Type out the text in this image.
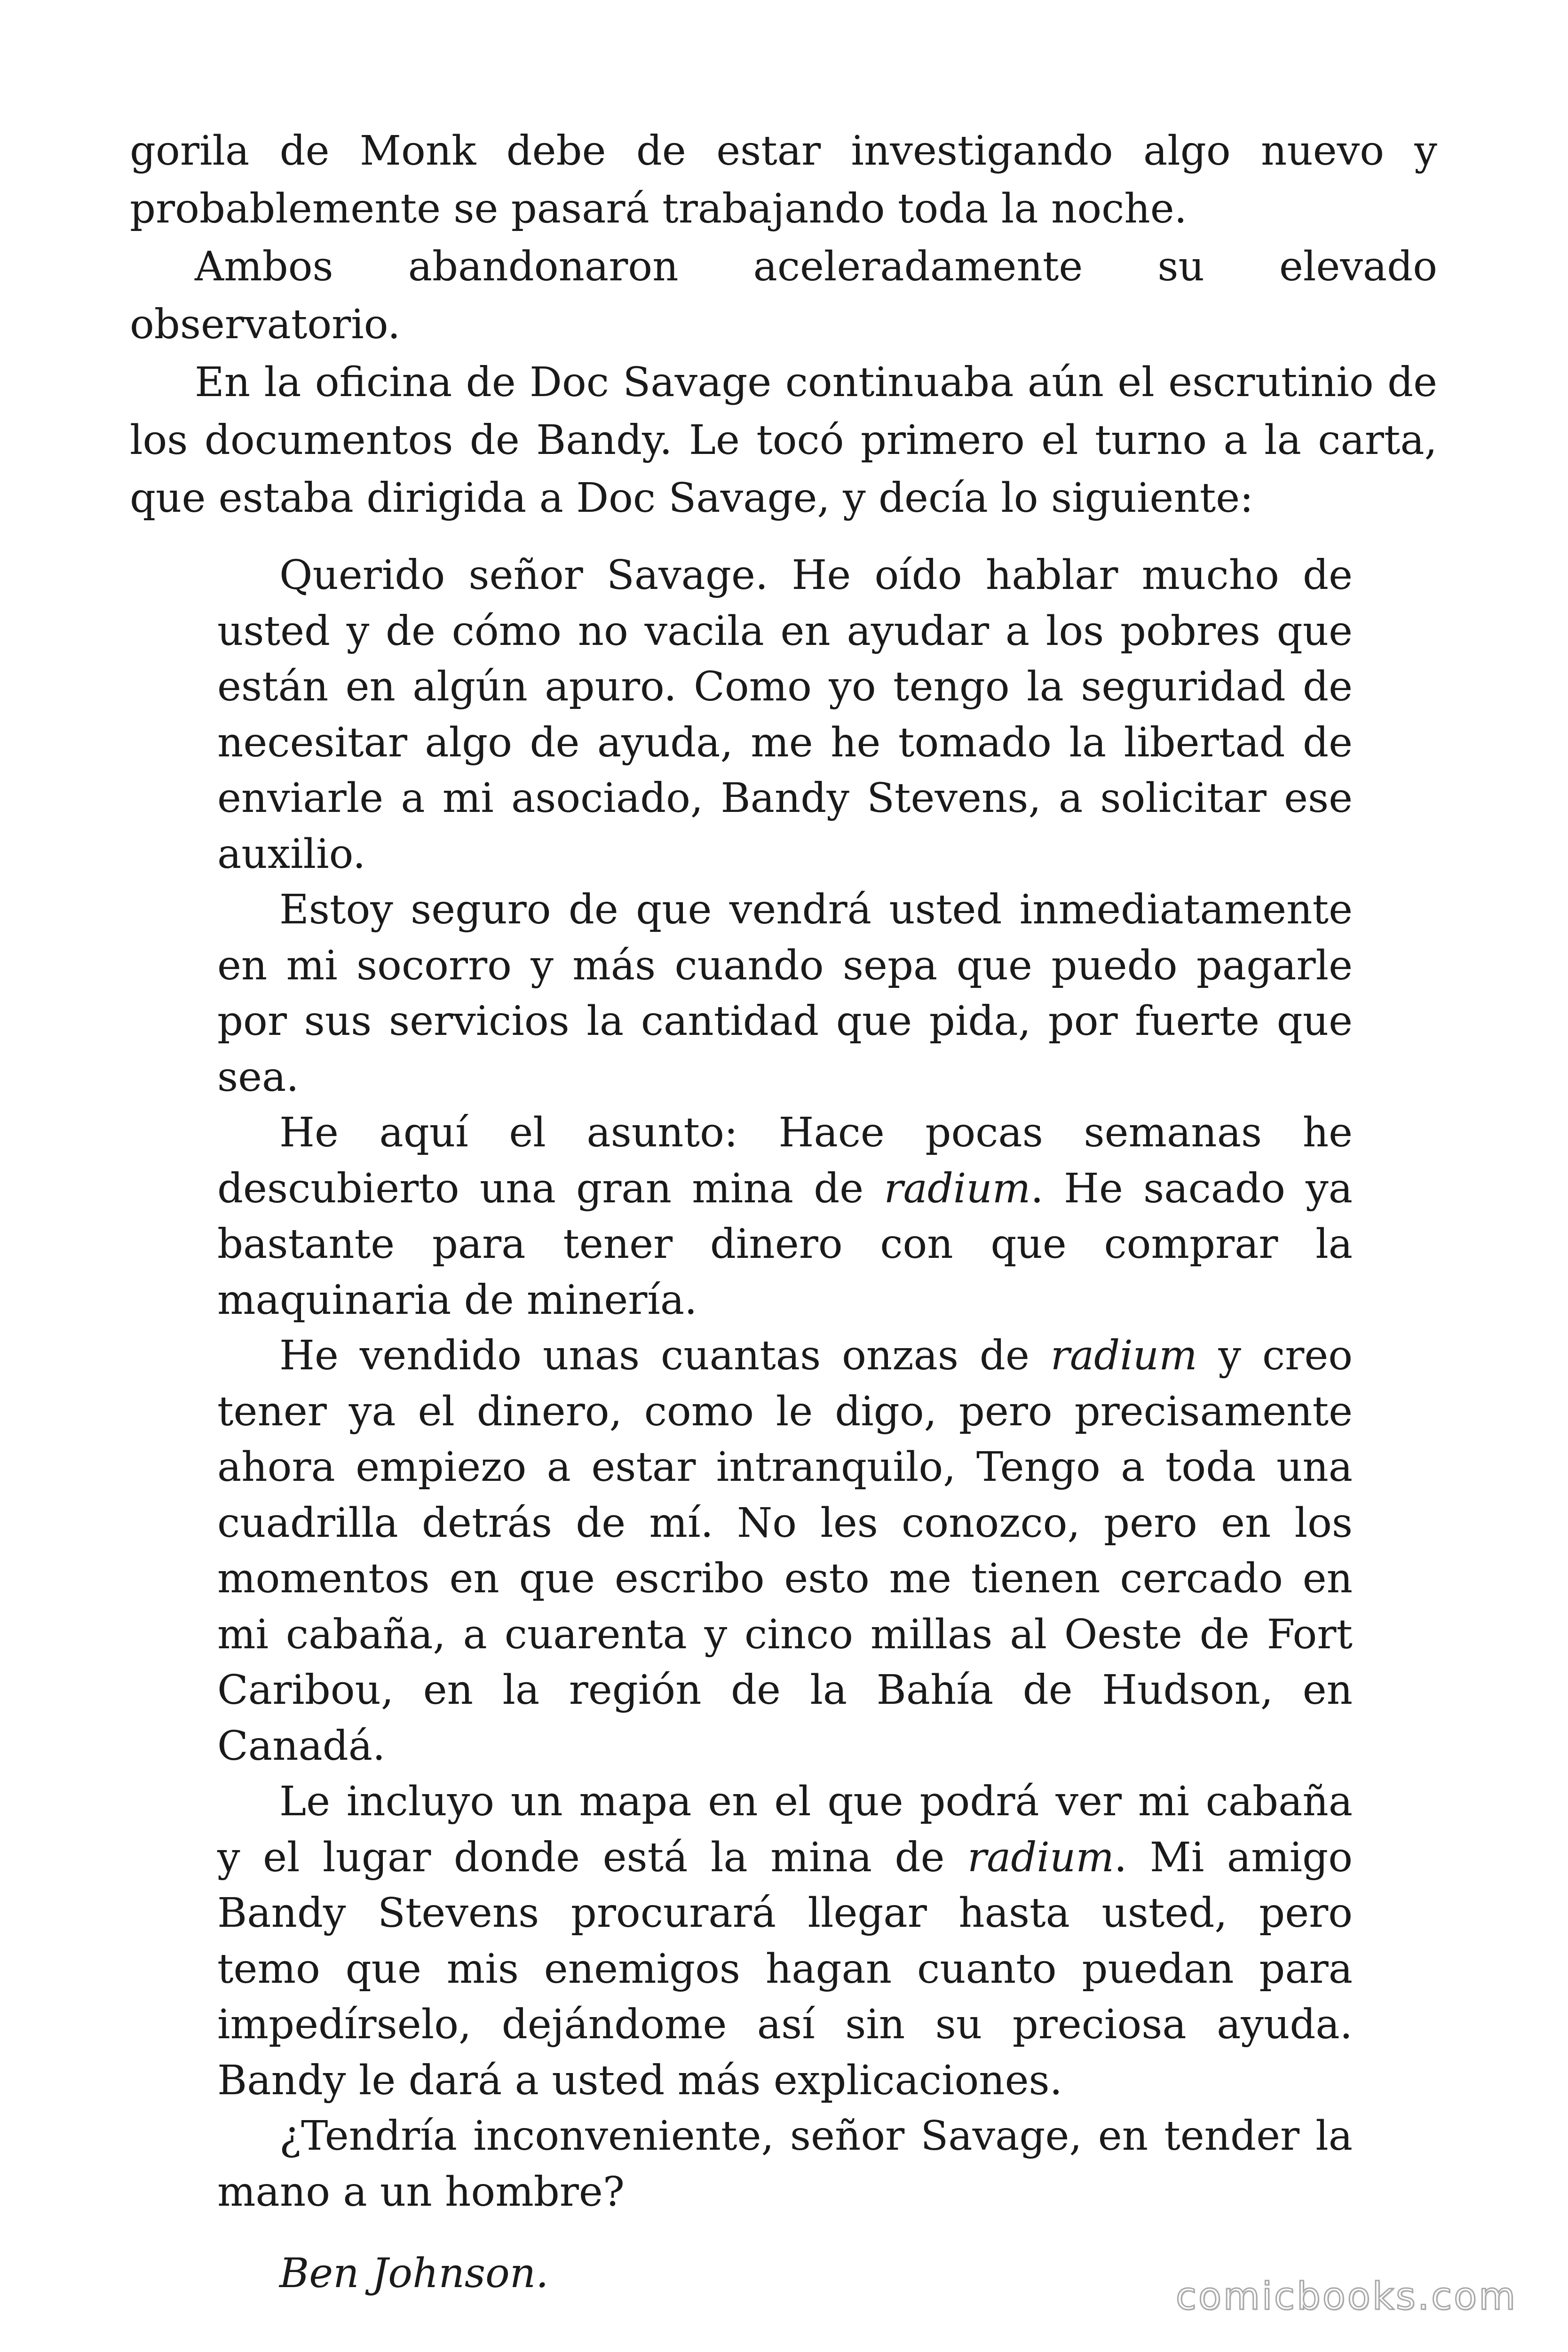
gorila de Monk debe de estar investigando algo nuevo y probablemente se pasará trabajando toda la noche.

Ambos abandonaron aceleradamente su elevado observatorio.

En la oficina de Doc Savage continuaba aún el escrutinio de los documentos de Bandy. Le tocó primero el turno a la carta, que estaba dirigida a Doc Savage, y decía lo siguiente:

Querido señor Savage. He oído hablar mucho de usted y de cómo no vacila en ayudar a los pobres que están en algún apuro. Como yo tengo la seguridad de necesitar algo de ayuda, me he tomado la libertad de enviarle a mi asociado, Bandy Stevens, a solicitar ese auxilio.

Estoy seguro de que vendrá usted inmediatamente en mi socorro y más cuando sepa que puedo pagarle por sus servicios la cantidad que pida, por fuerte que sea.

He aquí el asunto: Hace pocas semanas he descubierto una gran mina de radium. He sacado ya bastante para tener dinero con que comprar la maquinaria de minería.

He vendido unas cuantas onzas de radium y creo tener ya el dinero, como le digo, pero precisamente ahora empiezo a estar intranquilo, Tengo a toda una cuadrilla detrás de mí. No les conozco, pero en los momentos en que escribo esto me tienen cercado en mi cabaña, a cuarenta y cinco millas al Oeste de Fort Caribou, en la región de la Bahía de Hudson, en Canadá.

Le incluyo un mapa en el que podrá ver mi cabaña y el lugar donde está la mina de radium. Mi amigo Bandy Stevens procurará llegar hasta usted, pero temo que mis enemigos hagan cuanto puedan para impedírselo, dejándome así sin su preciosa ayuda. Bandy le dará a usted más explicaciones.

¿Tendría inconveniente, señor Savage, en tender la mano a un hombre?

Ben Johnson.	comicbooks.com
